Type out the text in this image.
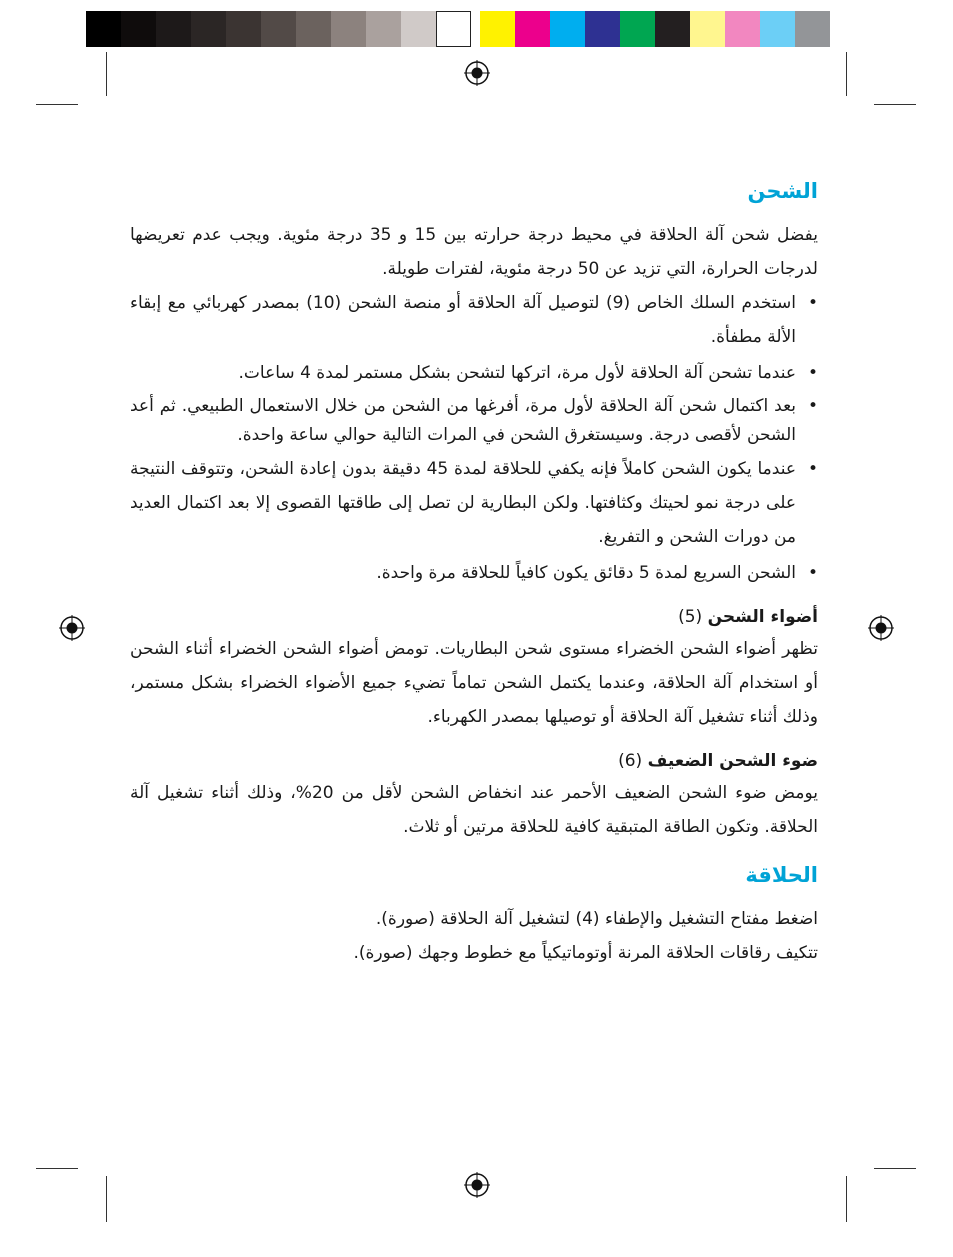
الشحن

يفضل شحن آلة الحلاقة في محيط درجة حرارته بين 15 و 35 درجة مئوية. ويجب عدم تعريضها لدرجات الحرارة، التي تزيد عن 50 درجة مئوية، لفترات طويلة.

• استخدم السلك الخاص (9) لتوصيل آلة الحلاقة أو منصة الشحن (10) بمصدر كهربائي مع إبقاء الألة مطفأة.
• عندما تشحن آلة الحلاقة لأول مرة، اتركها لتشحن بشكل مستمر لمدة 4 ساعات.
• بعد اكتمال شحن آلة الحلاقة لأول مرة، أفرغها من الشحن من خلال الاستعمال الطبيعي. ثم أعد الشحن لأقصى درجة. وسيستغرق الشحن في المرات التالية حوالي ساعة واحدة.
• عندما يكون الشحن كاملاً فإنه يكفي للحلاقة لمدة 45 دقيقة بدون إعادة الشحن، وتتوقف النتيجة على درجة نمو لحيتك وكثافتها. ولكن البطارية لن تصل إلى طاقتها القصوى إلا بعد اكتمال العديد من دورات الشحن و التفريغ.
• الشحن السريع لمدة 5 دقائق يكون كافياً للحلاقة مرة واحدة.
أضواء الشحن (5)

تظهر أضواء الشحن الخضراء مستوى شحن البطاريات. تومض أضواء الشحن الخضراء أثناء الشحن أو استخدام آلة الحلاقة، وعندما يكتمل الشحن تماماً تضيء جميع الأضواء الخضراء بشكل مستمر، وذلك أثناء تشغيل آلة الحلاقة أو توصيلها بمصدر الكهرباء.

ضوء الشحن الضعيف (6)

يومض ضوء الشحن الضعيف الأحمر عند انخفاض الشحن لأقل من 20%، وذلك أثناء تشغيل آلة الحلاقة. وتكون الطاقة المتبقية كافية للحلاقة مرتين أو ثلاث.

الحلاقة

اضغط مفتاح التشغيل والإطفاء (4) لتشغيل آلة الحلاقة (صورة).

تتكيف رقاقات الحلاقة المرنة أوتوماتيكياً مع خطوط وجهك (صورة).
